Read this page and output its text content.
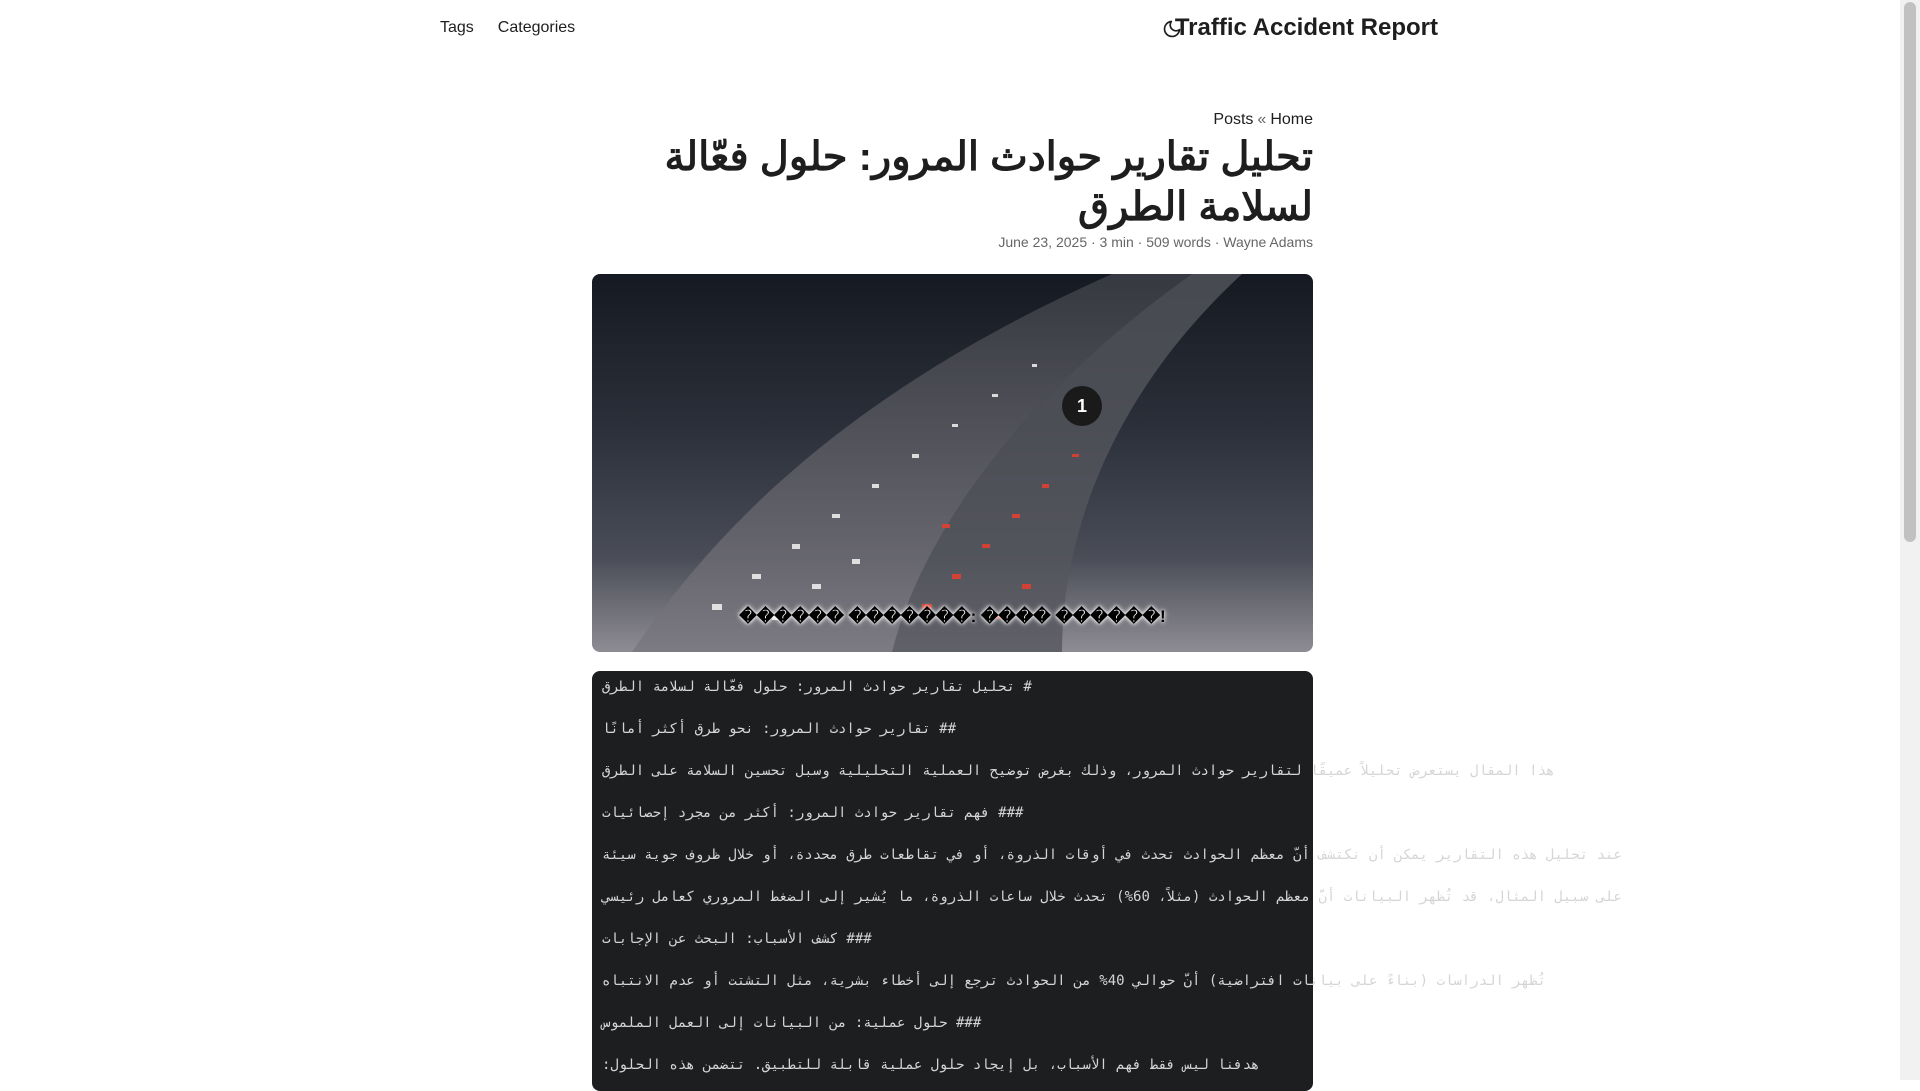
Traffic Accident Report
Tags Categories
Posts « Home
تحليل تقارير حوادث المرور: حلول فعّالة لسلامة الطرق
June 23, 2025 · 3 min · 509 words · Wayne Adams
1
������ �������: ���� ������!
# تحليل تقارير حوادث المرور: حلول فعّالة لسلامة الطرق
## تقارير حوادث المرور: نحو طرق أكثر أمانًا
هذا المقال يستعرض تحليلاً عميقًا لتقارير حوادث المرور، وذلك بغرض توضيح العملية التحليلية وسبل تحسين السلامة على الطرق
### فهم تقارير حوادث المرور: أكثر من مجرد إحصائيات
عند تحليل هذه التقارير يمكن أن نكتشف أنّ معظم الحوادث تحدث في أوقات الذروة، أو في تقاطعات طرق محددة، أو خلال ظروف جوية سيئة
على سبيل المثال، قد تُظهر البيانات أنّ معظم الحوادث (مثلاً، 60%) تحدث خلال ساعات الذروة، ما يُشير إلى الضغط المروري كعامل رئيسي
### كشف الأسباب: البحث عن الإجابات
تُظهر الدراسات (بناءً على بيانات افتراضية) أنّ حوالي 40% من الحوادث ترجع إلى أخطاء بشرية، مثل التشتت أو عدم الانتباه
### حلول عملية: من البيانات إلى العمل الملموس
هدفنا ليس فقط فهم الأسباب، بل إيجاد حلول عملية قابلة للتطبيق. تتضمن هذه الحلول:
